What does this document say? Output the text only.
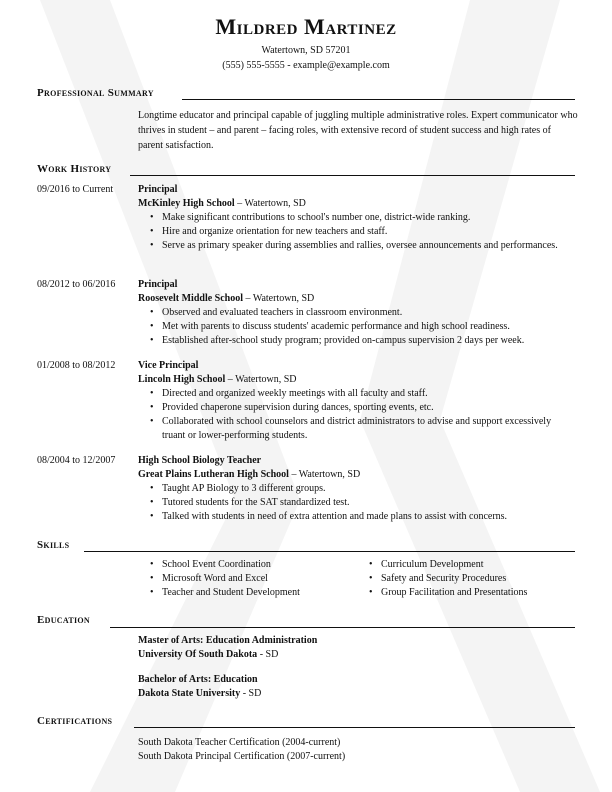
Mildred Martinez
Watertown, SD 57201
(555) 555-5555 - example@example.com
Professional Summary
Longtime educator and principal capable of juggling multiple administrative roles. Expert communicator who thrives in student – and parent – facing roles, with extensive record of student success and high rates of parent satisfaction.
Work History
09/2016 to Current Principal
McKinley High School – Watertown, SD
• Make significant contributions to school's number one, district-wide ranking.
• Hire and organize orientation for new teachers and staff.
• Serve as primary speaker during assemblies and rallies, oversee announcements and performances.
08/2012 to 06/2016 Principal
Roosevelt Middle School – Watertown, SD
• Observed and evaluated teachers in classroom environment.
• Met with parents to discuss students' academic performance and high school readiness.
• Established after-school study program; provided on-campus supervision 2 days per week.
01/2008 to 08/2012 Vice Principal
Lincoln High School – Watertown, SD
• Directed and organized weekly meetings with all faculty and staff.
• Provided chaperone supervision during dances, sporting events, etc.
• Collaborated with school counselors and district administrators to advise and support excessively truant or lower-performing students.
08/2004 to 12/2007 High School Biology Teacher
Great Plains Lutheran High School – Watertown, SD
• Taught AP Biology to 3 different groups.
• Tutored students for the SAT standardized test.
• Talked with students in need of extra attention and made plans to assist with concerns.
Skills
• School Event Coordination
• Microsoft Word and Excel
• Teacher and Student Development
• Curriculum Development
• Safety and Security Procedures
• Group Facilitation and Presentations
Education
Master of Arts: Education Administration
University Of South Dakota - SD
Bachelor of Arts: Education
Dakota State University - SD
Certifications
South Dakota Teacher Certification (2004-current)
South Dakota Principal Certification (2007-current)
